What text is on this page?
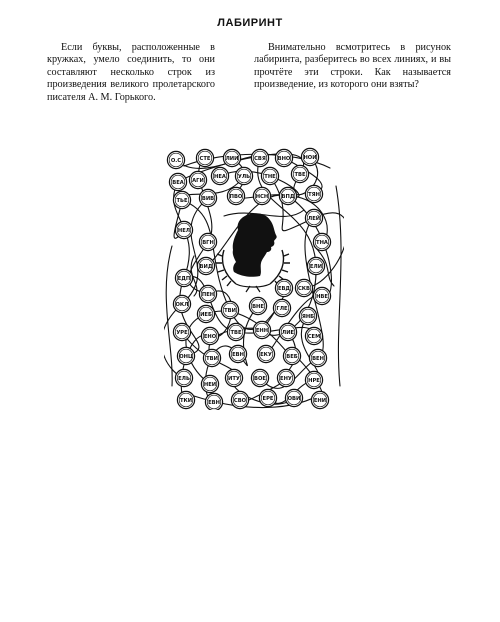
ЛАБИРИНТ
Если буквы, расположенные в кружках, умело соединить, то они составляют несколько строк из произведения великого пролетарского писателя А. М. Горького.
Внимательно всмотритесь в рисунок лабиринта, разберитесь во всех линиях, и вы прочтёте эти строки. Как называется произведение, из которого они взяты?
О.С	СТЕ	ЛИИ	СВЯ ВНО	НОИ
ВЕА АГИ
НЕА УЛЬ	ТНЕ	ТВЕ
ТЬЕ	ВИВ	ПВО	НСН	ВПД	ТЯН
НЕЛ
ВГН
ЛЕЙ
ТНА
ВИД	ЕЛИ
ЕДП
ПЕН
СКВ
НВЕ
ОКЛ
ИЕБ
ТВИ
ВНЕ ГЛЕ
ЯНБ
УРЕ
ЕНО
ТВЕ	ЕНН	ЛИЕ
СЕМ
ОНЦ	ТВИ
ЕВН	ЕКУ	ВЕБ	ВЕН
ЕЛЬ
НЕИ
ИТУ	ВОЕ	ЕНУ	НРЕ
ТКИ	ЕВН	СВО	ЕРЕ	ОВИ	ЕНИ
ЕВД
